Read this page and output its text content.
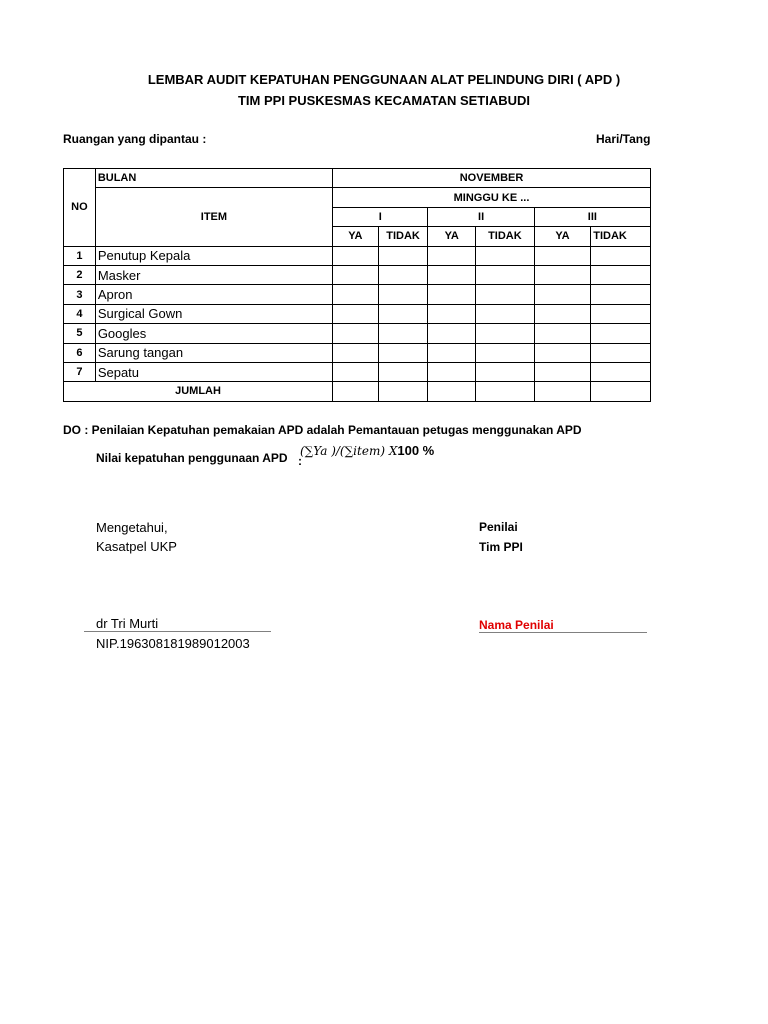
LEMBAR AUDIT KEPATUHAN PENGGUNAAN ALAT PELINDUNG DIRI ( APD )
TIM PPI PUSKESMAS KECAMATAN SETIABUDI
Ruangan yang dipantau :	Hari/Tang
NO	BULAN	NOVEMBER					
	ITEM	MINGGU KE ...					
		I		II		III	
		YA	TIDAK	YA	TIDAK	YA	TIDAK
1	Penutup Kepala						
2	Masker						
3	Apron						
4	Surgical Gown						
5	Googles						
6	Sarung tangan						
7	Sepatu						
JUMLAH							
DO : Penilaian Kepatuhan pemakaian APD adalah Pemantauan petugas menggunakan APD
Nilai kepatuhan penggunaan APD :
(∑Ya )/(∑item) X100 %
Mengetahui,
Kasatpel UKP
Penilai
Tim PPI
dr Tri Murti
NIP.196308181989012003
Nama Penilai
